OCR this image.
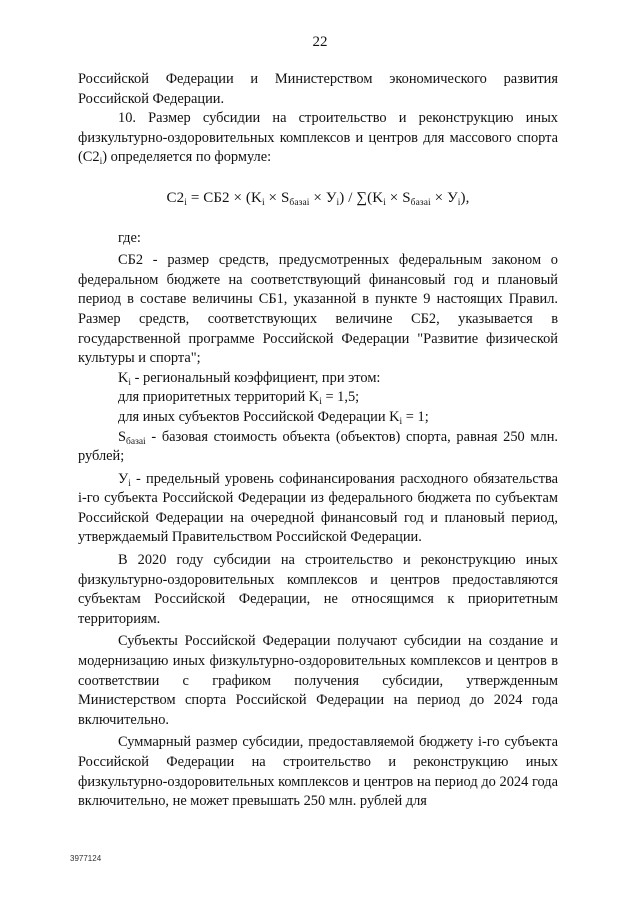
22

Российской Федерации и Министерством экономического развития Российской Федерации.

10. Размер субсидии на строительство и реконструкцию иных физкультурно-оздоровительных комплексов и центров для массового спорта $(С2_i)$ определяется по формуле:

$С2_i = СБ2 \times (K_i \times S_{базаi} \times У_i) / \sum(K_i \times S_{базаi} \times У_i)$,

где:

СБ2 - размер средств, предусмотренных федеральным законом о федеральном бюджете на соответствующий финансовый год и плановый период в составе величины СБ1, указанной в пункте 9 настоящих Правил. Размер средств, соответствующих величине СБ2, указывается в государственной программе Российской Федерации "Развитие физической культуры и спорта";

$K_i$ - региональный коэффициент, при этом:

для приоритетных территорий $K_i = 1,5$;

для иных субъектов Российской Федерации $K_i = 1$;

$S_{базаi}$ - базовая стоимость объекта (объектов) спорта, равная 250 млн. рублей;

$У_i$ - предельный уровень софинансирования расходного обязательства i-го субъекта Российской Федерации из федерального бюджета по субъектам Российской Федерации на очередной финансовый год и плановый период, утверждаемый Правительством Российской Федерации.

В 2020 году субсидии на строительство и реконструкцию иных физкультурно-оздоровительных комплексов и центров предоставляются субъектам Российской Федерации, не относящимся к приоритетным территориям.

Субъекты Российской Федерации получают субсидии на создание и модернизацию иных физкультурно-оздоровительных комплексов и центров в соответствии с графиком получения субсидии, утвержденным Министерством спорта Российской Федерации на период до 2024 года включительно.

Суммарный размер субсидии, предоставляемой бюджету i-го субъекта Российской Федерации на строительство и реконструкцию иных физкультурно-оздоровительных комплексов и центров на период до 2024 года включительно, не может превышать 250 млн. рублей для

3977124
